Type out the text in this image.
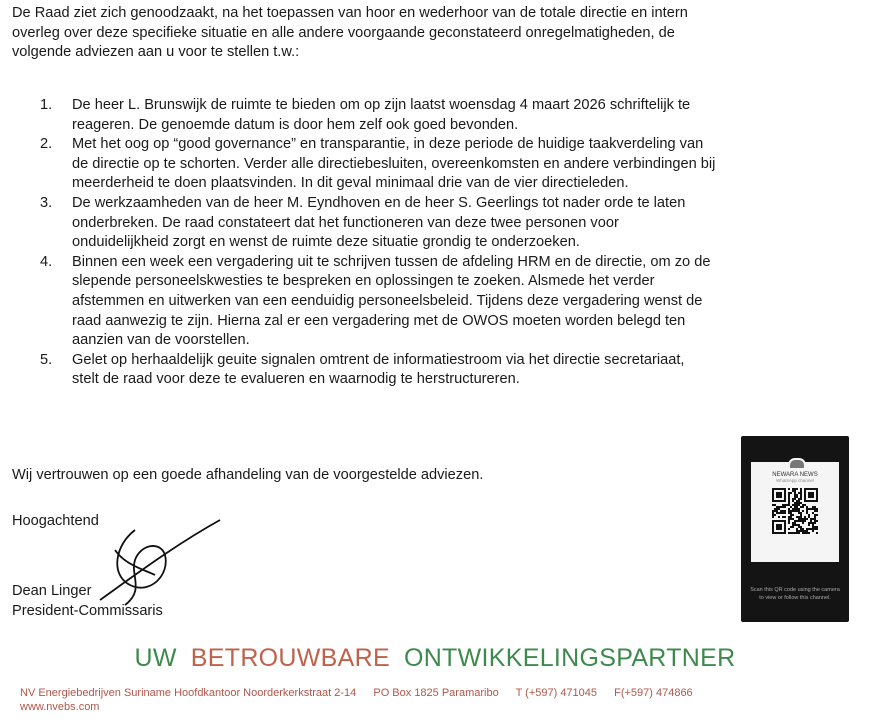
De Raad ziet zich genoodzaakt, na het toepassen van hoor en wederhoor van de totale directie en intern
overleg over deze specifieke situatie en alle andere voorgaande geconstateerd onregelmatigheden, de
volgende adviezen aan u voor te stellen t.w.:
1. De heer L. Brunswijk de ruimte te bieden om op zijn laatst woensdag 4 maart 2026 schriftelijk te
reageren. De genoemde datum is door hem zelf ook goed bevonden.
2. Met het oog op “good governance” en transparantie, in deze periode de huidige taakverdeling van
de directie op te schorten. Verder alle directiebesluiten, overeenkomsten en andere verbindingen bij
meerderheid te doen plaatsvinden. In dit geval minimaal drie van de vier directieleden.
3. De werkzaamheden van de heer M. Eyndhoven en de heer S. Geerlings tot nader orde te laten
onderbreken. De raad constateert dat het functioneren van deze twee personen voor
onduidelijkheid zorgt en wenst de ruimte deze situatie grondig te onderzoeken.
4. Binnen een week een vergadering uit te schrijven tussen de afdeling HRM en de directie, om zo de
slepende personeelskwesties te bespreken en oplossingen te zoeken. Alsmede het verder
afstemmen en uitwerken van een eenduidig personeelsbeleid. Tijdens deze vergadering wenst de
raad aanwezig te zijn. Hierna zal er een vergadering met de OWOS moeten worden belegd ten
aanzien van de voorstellen.
5. Gelet op herhaaldelijk geuite signalen omtrent de informatiestroom via het directie secretariaat,
stelt de raad voor deze te evalueren en waarnodig te herstructureren.
Wij vertrouwen op een goede afhandeling van de voorgestelde adviezen.
Hoogachtend
Dean Linger
President-Commissaris
NEWARA NEWS
WhatsApp channel
Scan this QR code using the camera to view or follow this channel.
UW BETROUWBARE ONTWIKKELINGSPARTNER
NV Energiebedrijven Suriname Hoofdkantoor Noorderkerkstraat 2-14 PO Box 1825 Paramaribo T (+597) 471045 F(+597) 474866
www.nvebs.com
